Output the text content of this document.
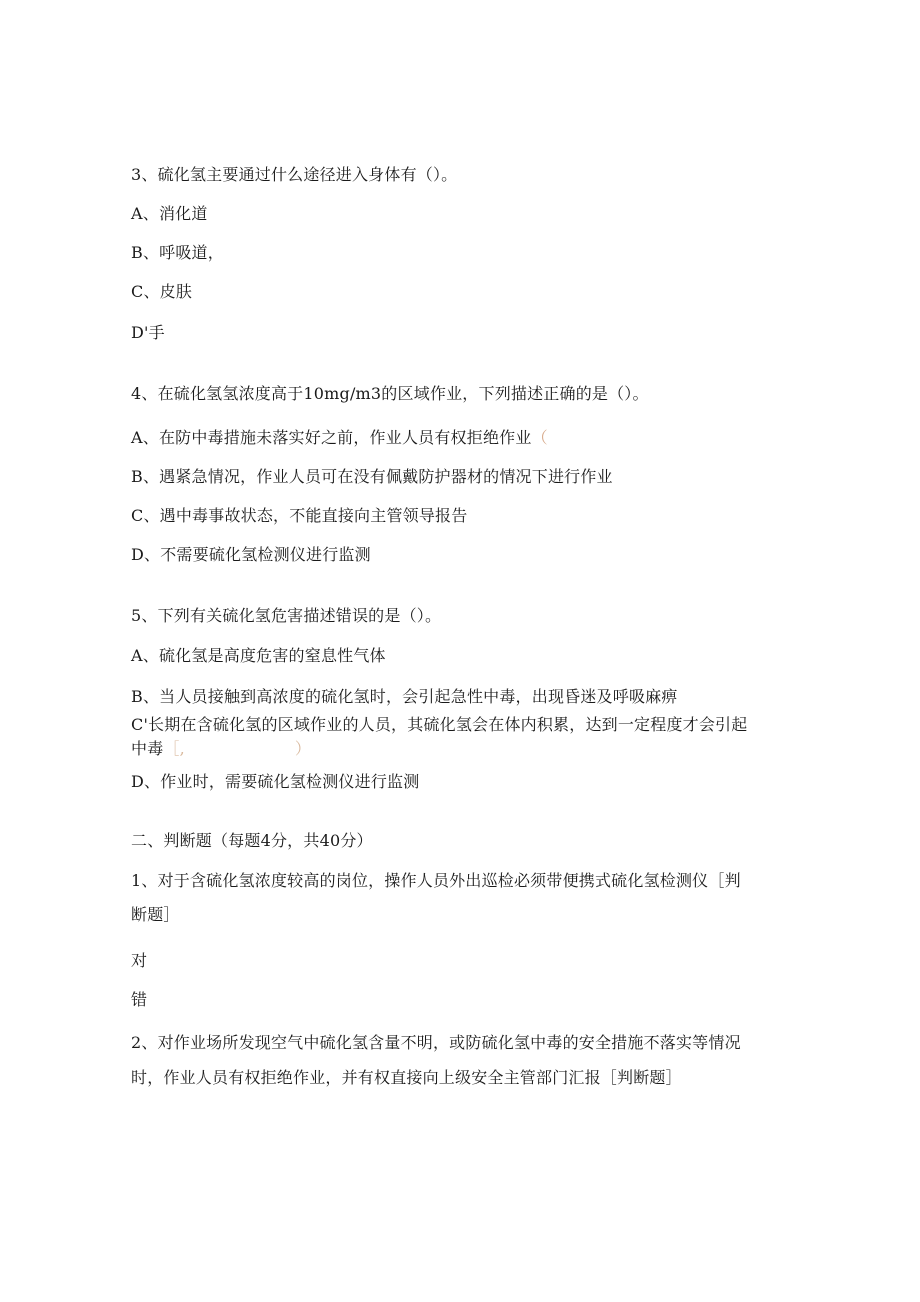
3、硫化氢主要通过什么途径进入身体有（）。
A、消化道
B、呼吸道，
C、皮肤
D'手
4、在硫化氢氢浓度高于10mg/m3的区域作业，下列描述正确的是（）。
A、在防中毒措施未落实好之前，作业人员有权拒绝作业（
B、遇紧急情况，作业人员可在没有佩戴防护器材的情况下进行作业
C、遇中毒事故状态，不能直接向主管领导报告
D、不需要硫化氢检测仪进行监测
5、下列有关硫化氢危害描述错误的是（）。
A、硫化氢是高度危害的窒息性气体
B、当人员接触到高浓度的硫化氢时，会引起急性中毒，出现昏迷及呼吸麻痹
C'长期在含硫化氢的区域作业的人员，其硫化氢会在体内积累，达到一定程度才会引起
中毒［,	）
D、作业时，需要硫化氢检测仪进行监测
二、判断题（每题4分，共40分）
1、对于含硫化氢浓度较高的岗位，操作人员外出巡检必须带便携式硫化氢检测仪［判
断题］
对
错
2、对作业场所发现空气中硫化氢含量不明，或防硫化氢中毒的安全措施不落实等情况
时，作业人员有权拒绝作业，并有权直接向上级安全主管部门汇报［判断题］
